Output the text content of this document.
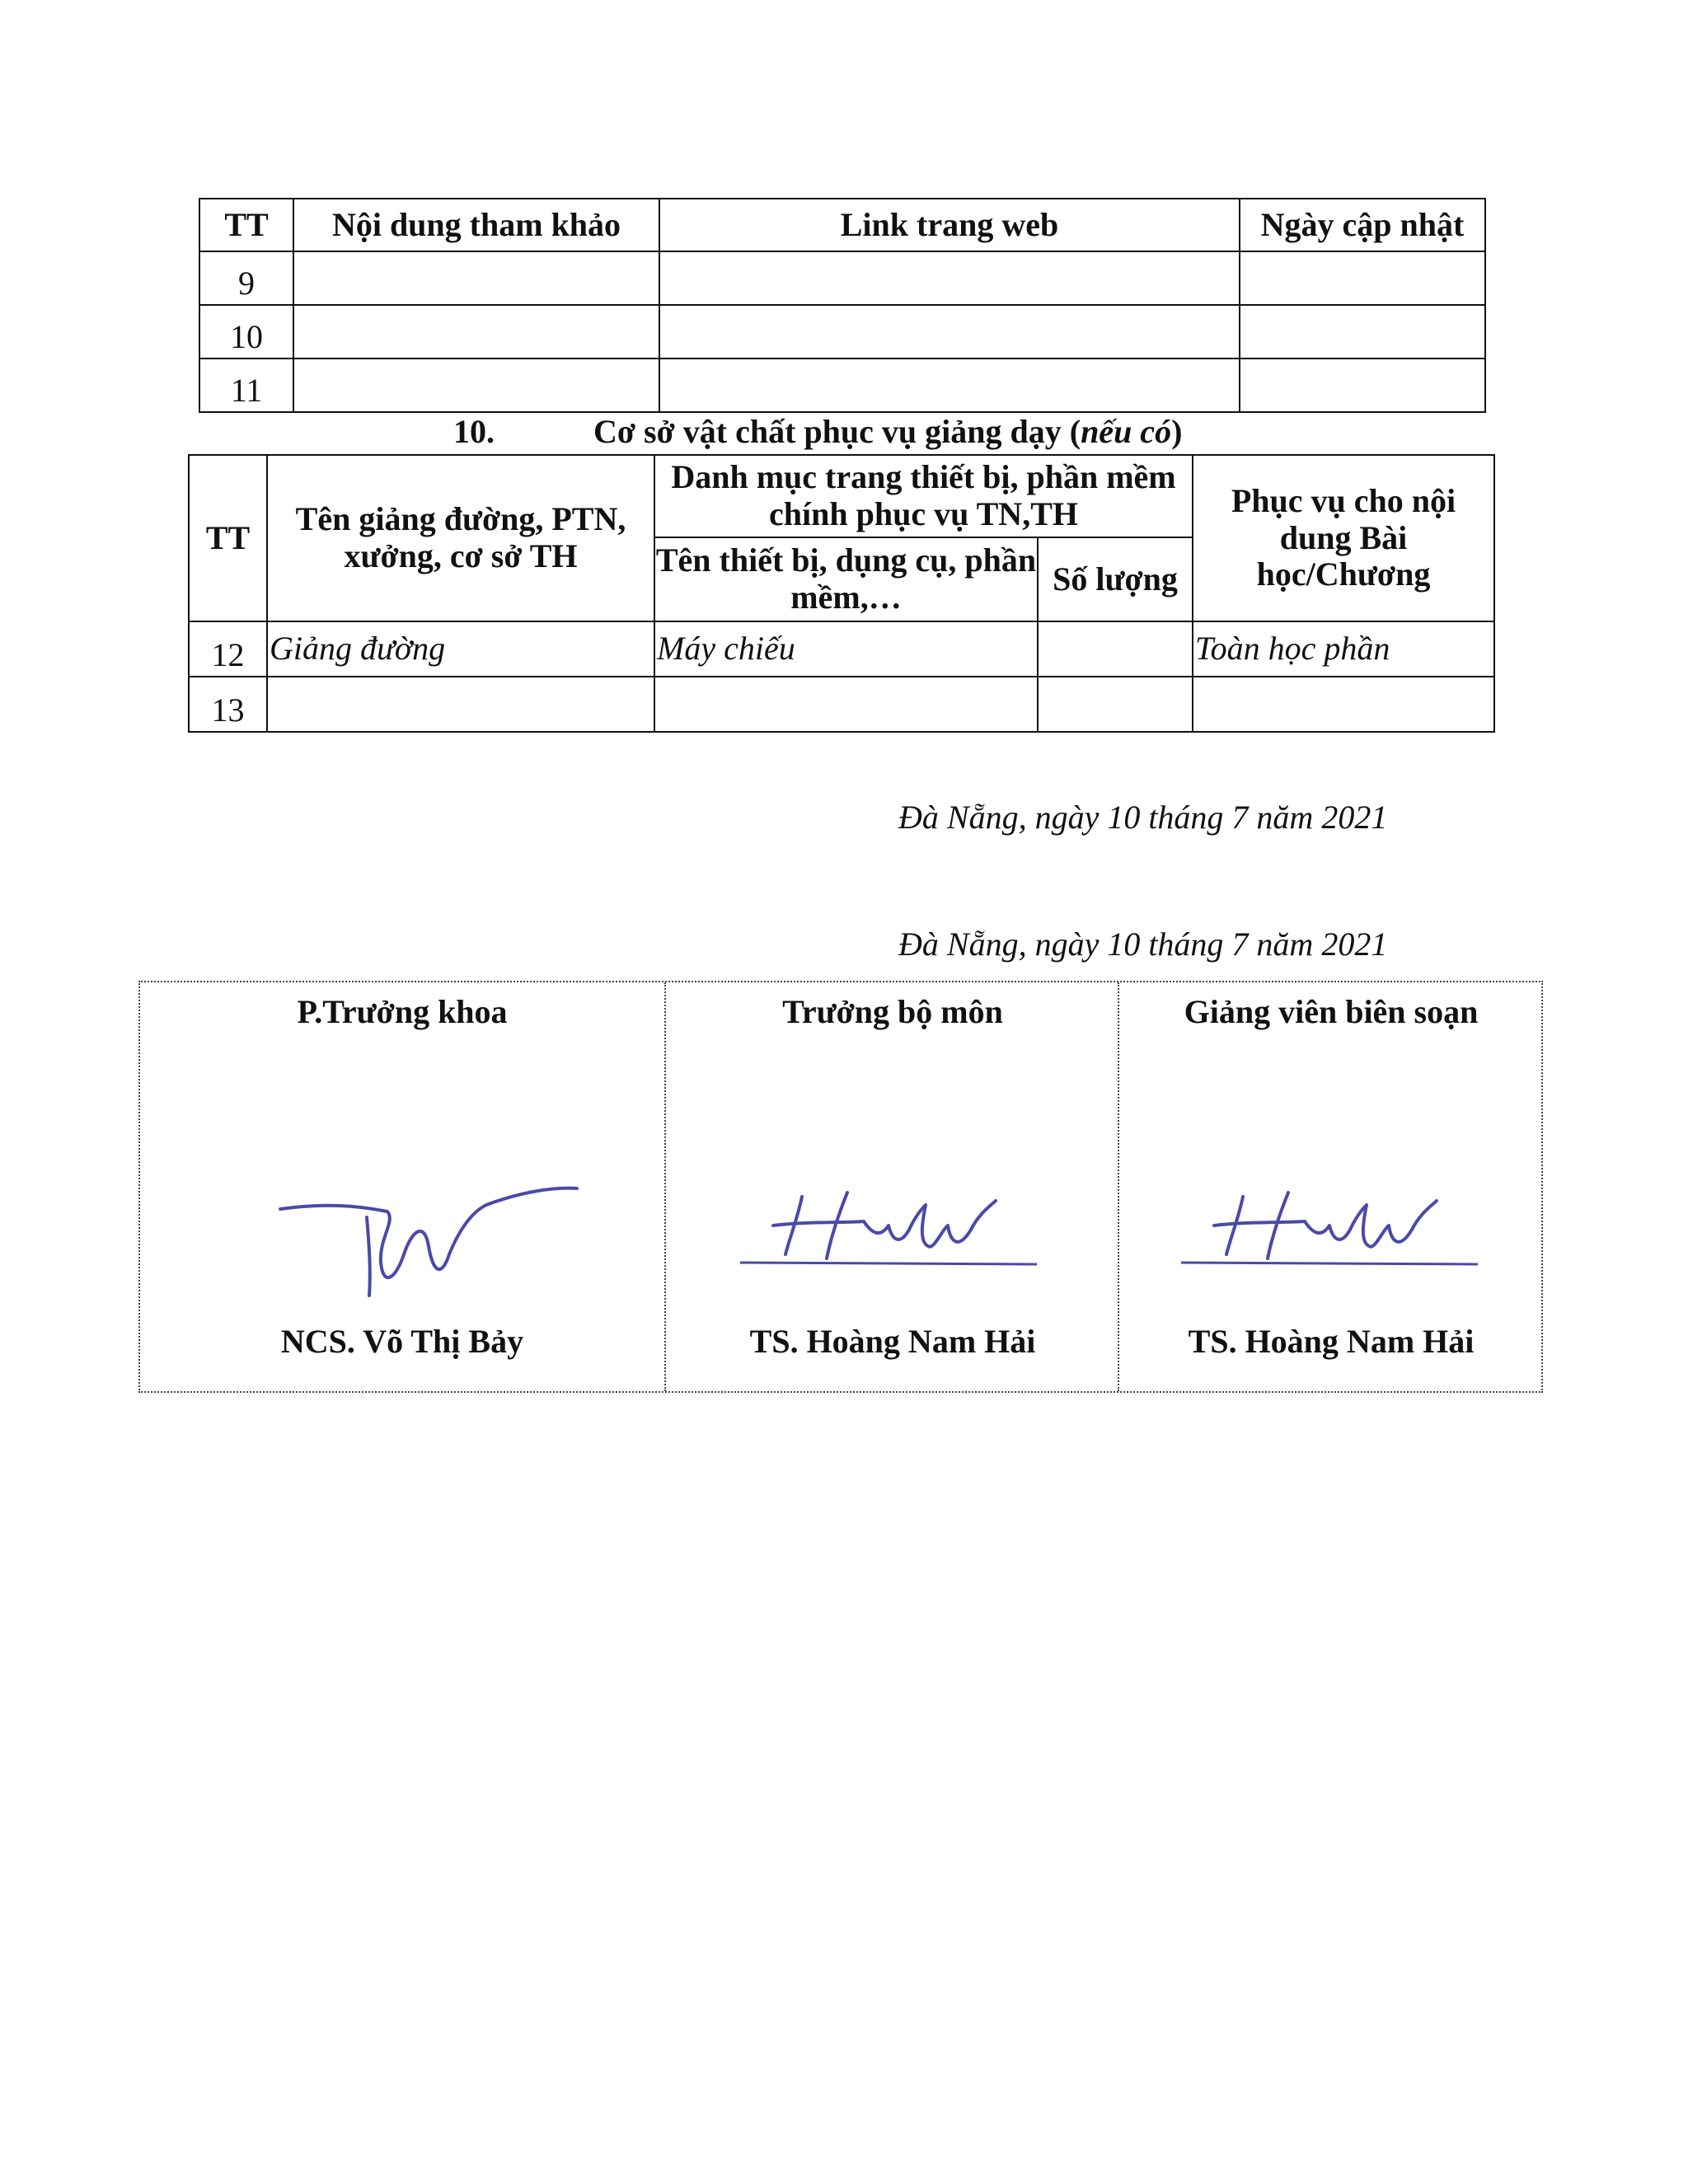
TT	Nội dung tham khảo	Link trang web	Ngày cập nhật
9			
10			
11			
10.	Cơ sở vật chất phục vụ giảng dạy (nếu có)
TT	Tên giảng đường, PTN, xưởng, cơ sở TH	Danh mục trang thiết bị, phần mềm chính phục vụ TN,TH		Phục vụ cho nội dung Bài học/Chương
		Tên thiết bị, dụng cụ, phần mềm,…	Số lượng	
12	Giảng đường	Máy chiếu		Toàn học phần
13				
Đà Nẵng, ngày 10 tháng 7 năm 2021
Đà Nẵng, ngày 10 tháng 7 năm 2021
P.Trưởng khoa
NCS. Võ Thị Bảy
Trưởng bộ môn
TS. Hoàng Nam Hải
Giảng viên biên soạn
TS. Hoàng Nam Hải
